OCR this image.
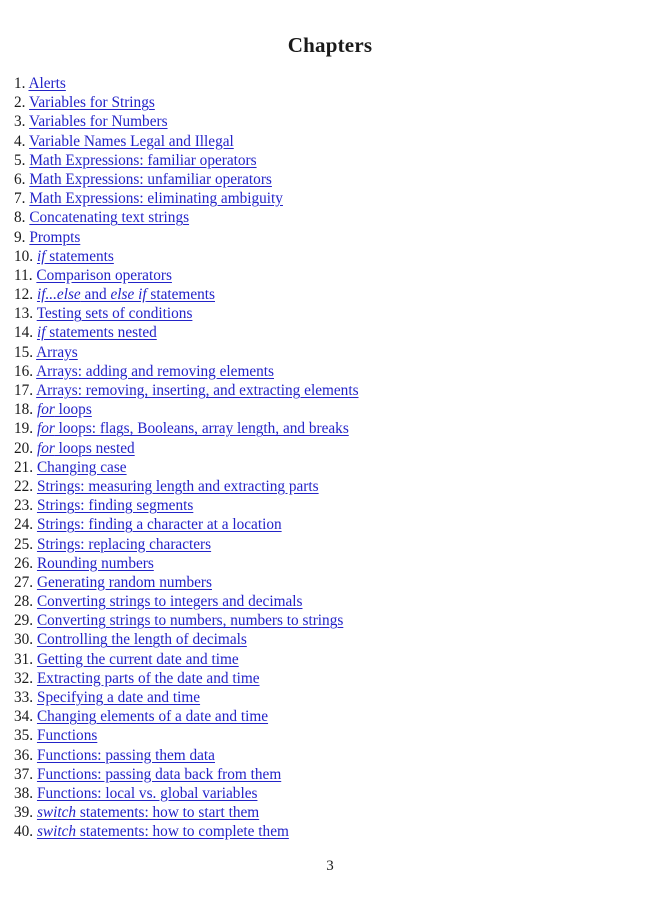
Chapters
1. Alerts
2. Variables for Strings
3. Variables for Numbers
4. Variable Names Legal and Illegal
5. Math Expressions: familiar operators
6. Math Expressions: unfamiliar operators
7. Math Expressions: eliminating ambiguity
8. Concatenating text strings
9. Prompts
10. if statements
11. Comparison operators
12. if...else and else if statements
13. Testing sets of conditions
14. if statements nested
15. Arrays
16. Arrays: adding and removing elements
17. Arrays: removing, inserting, and extracting elements
18. for loops
19. for loops: flags, Booleans, array length, and breaks
20. for loops nested
21. Changing case
22. Strings: measuring length and extracting parts
23. Strings: finding segments
24. Strings: finding a character at a location
25. Strings: replacing characters
26. Rounding numbers
27. Generating random numbers
28. Converting strings to integers and decimals
29. Converting strings to numbers, numbers to strings
30. Controlling the length of decimals
31. Getting the current date and time
32. Extracting parts of the date and time
33. Specifying a date and time
34. Changing elements of a date and time
35. Functions
36. Functions: passing them data
37. Functions: passing data back from them
38. Functions: local vs. global variables
39. switch statements: how to start them
40. switch statements: how to complete them
3
